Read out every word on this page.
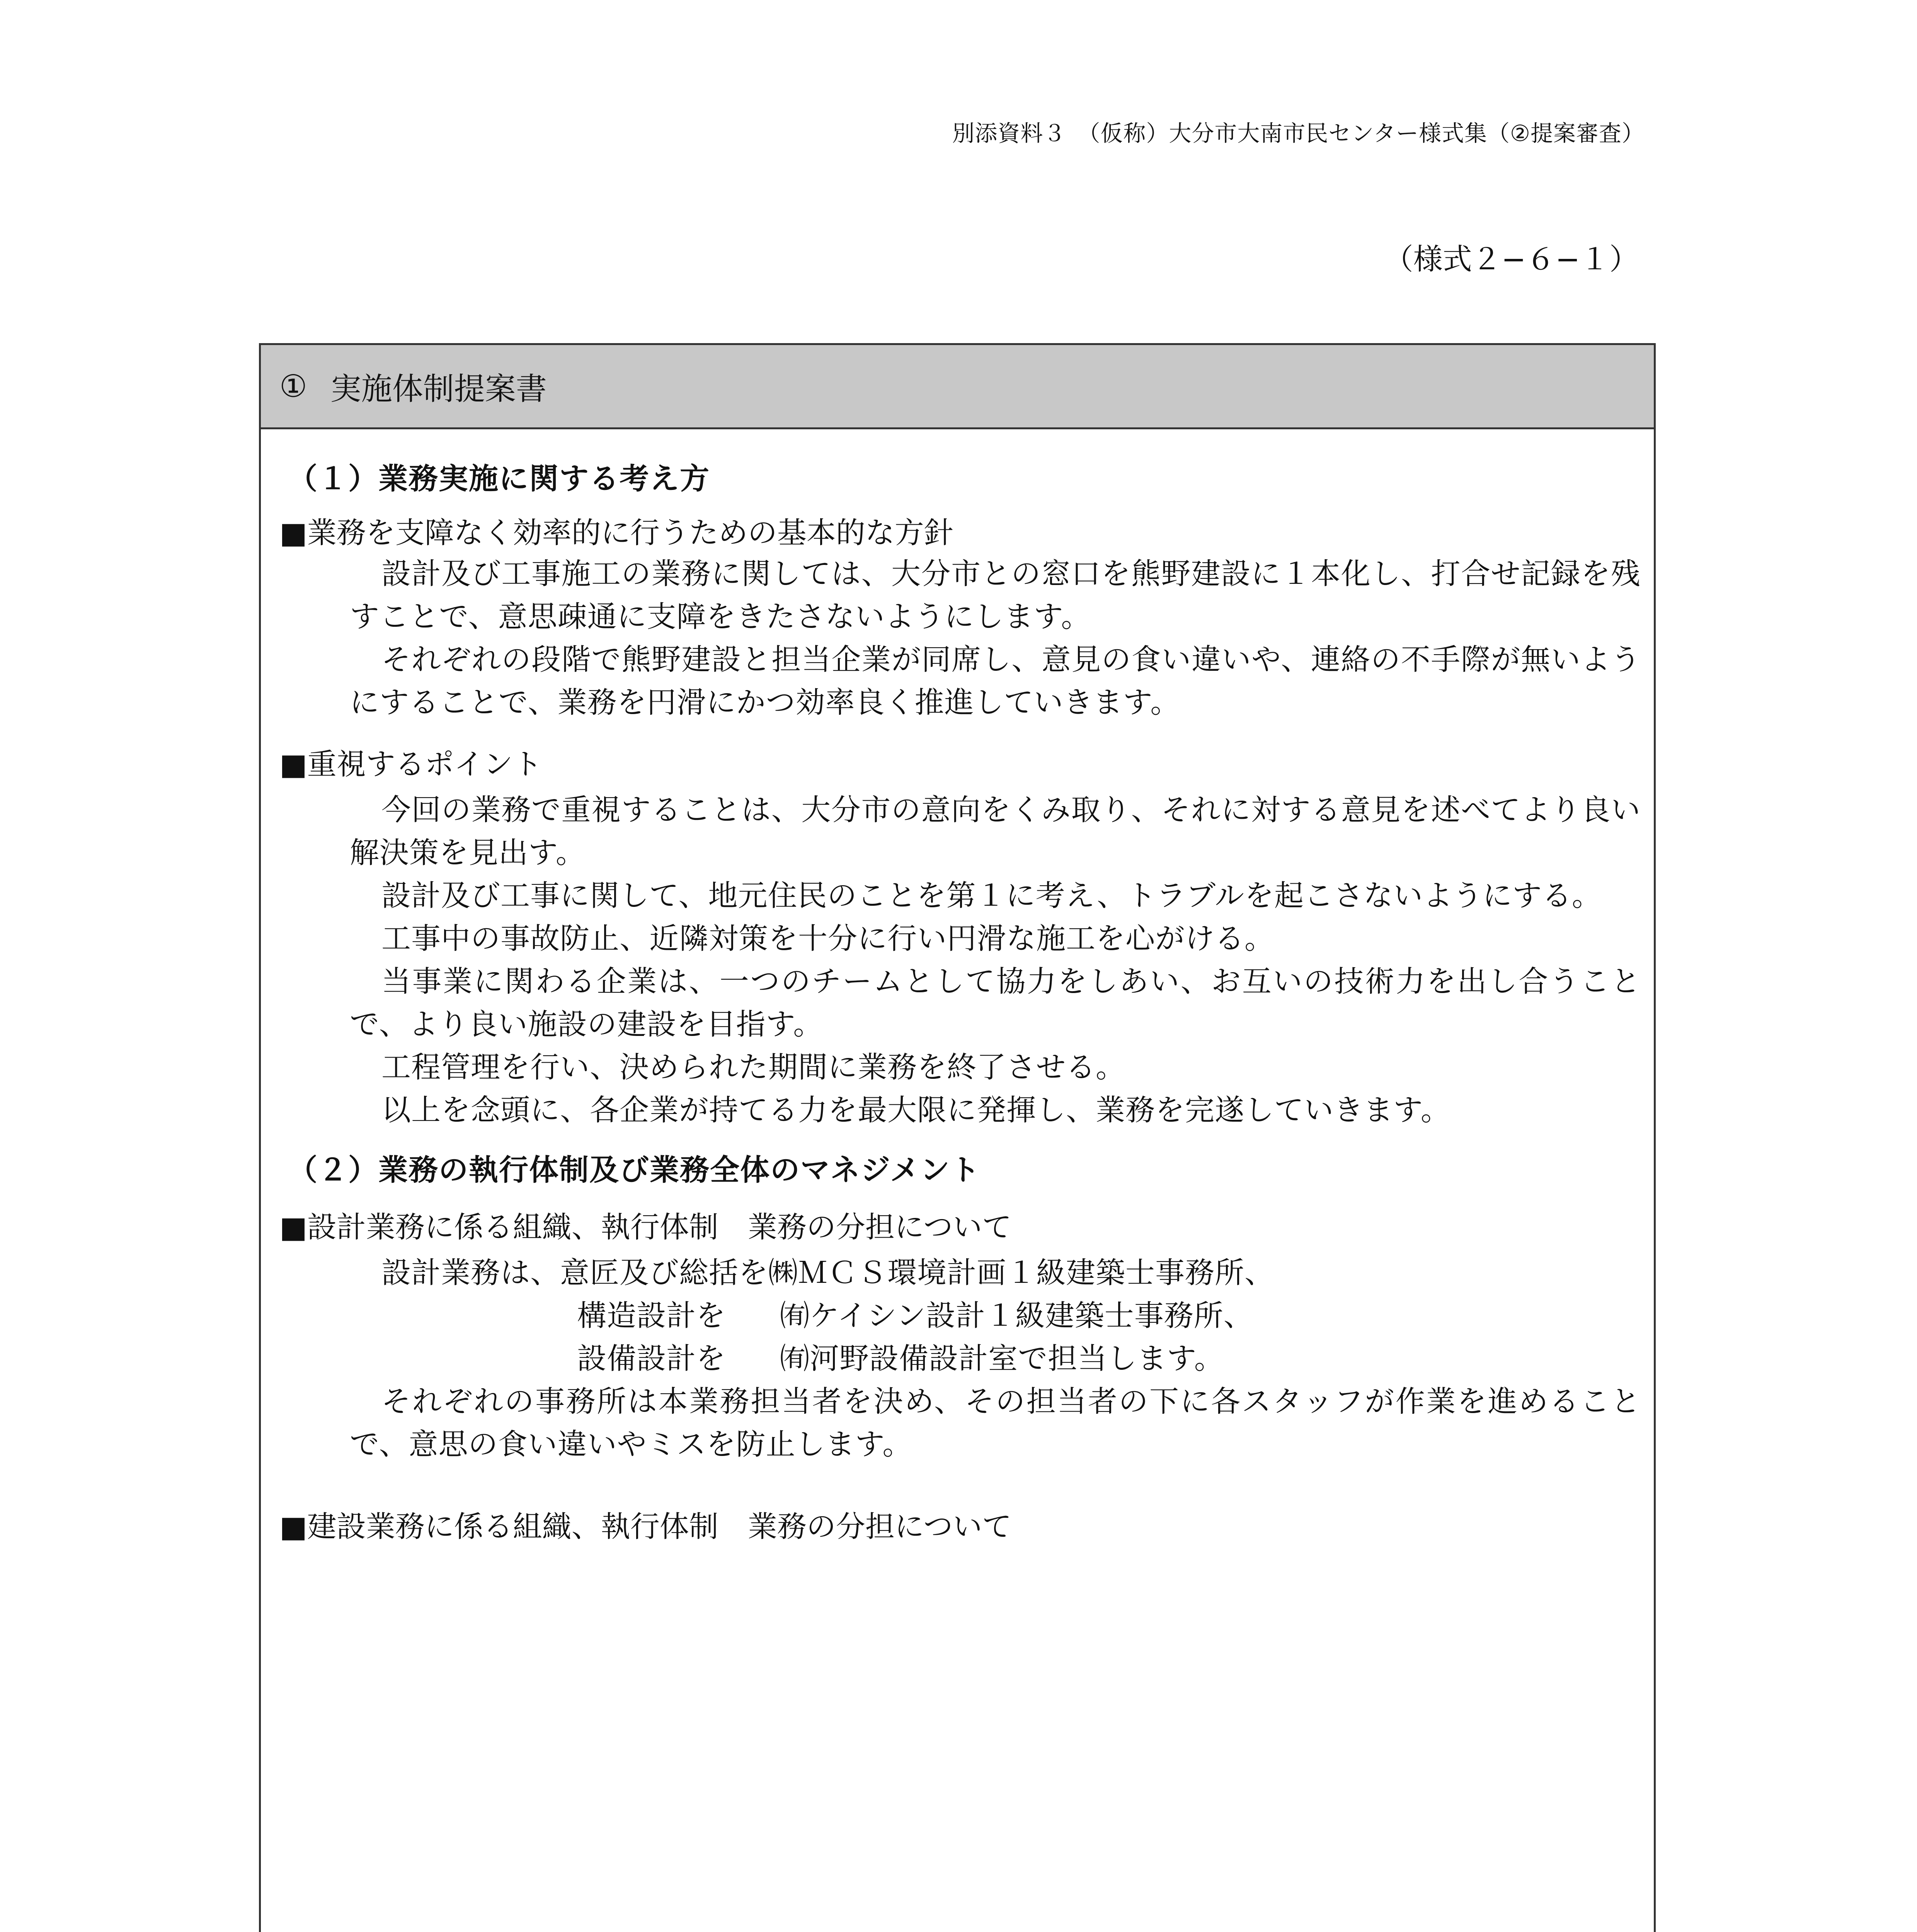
別添資料３　（仮称）大分市大南市民センター様式集（②提案審査）
（様式２−６−１）
① 実施体制提案書
（１）業務実施に関する考え方
■業務を支障なく効率的に行うための基本的な方針
設計及び工事施工の業務に関しては、大分市との窓口を熊野建設に１本化し、打合せ記録を残すことで、意思疎通に支障をきたさないようにします。
それぞれの段階で熊野建設と担当企業が同席し、意見の食い違いや、連絡の不手際が無いようにすることで、業務を円滑にかつ効率良く推進していきます。
■重視するポイント
今回の業務で重視することは、大分市の意向をくみ取り、それに対する意見を述べてより良い解決策を見出す。
設計及び工事に関して、地元住民のことを第１に考え、トラブルを起こさないようにする。
工事中の事故防止、近隣対策を十分に行い円滑な施工を心がける。
当事業に関わる企業は、一つのチームとして協力をしあい、お互いの技術力を出し合うことで、より良い施設の建設を目指す。
工程管理を行い、決められた期間に業務を終了させる。
以上を念頭に、各企業が持てる力を最大限に発揮し、業務を完遂していきます。
（２）業務の執行体制及び業務全体のマネジメント
■設計業務に係る組織、執行体制　業務の分担について
設計業務は、意匠及び総括を㈱ＭＣＳ環境計画１級建築士事務所、
構造設計を ㈲ケイシン設計１級建築士事務所、
設備設計を ㈲河野設備設計室で担当します。
それぞれの事務所は本業務担当者を決め、その担当者の下に各スタッフが作業を進めることで、意思の食い違いやミスを防止します。
■建設業務に係る組織、執行体制　業務の分担について
